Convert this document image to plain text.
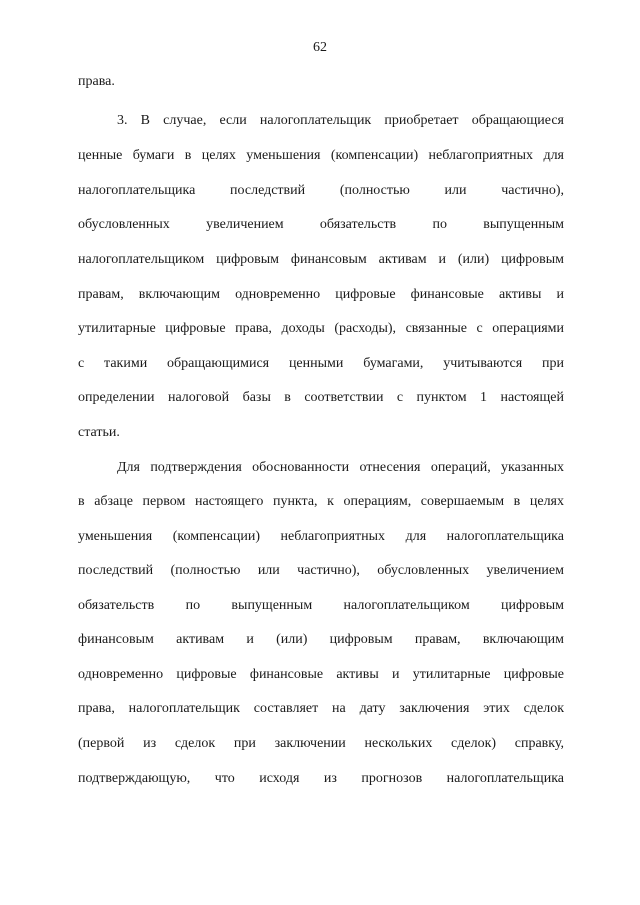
62
права.
3. В случае, если налогоплательщик приобретает обращающиеся
ценные бумаги в целях уменьшения (компенсации) неблагоприятных для
налогоплательщика последствий (полностью или частично),
обусловленных увеличением обязательств по выпущенным
налогоплательщиком цифровым финансовым активам и (или) цифровым
правам, включающим одновременно цифровые финансовые активы и
утилитарные цифровые права, доходы (расходы), связанные с операциями
с такими обращающимися ценными бумагами, учитываются при
определении налоговой базы в соответствии с пунктом 1 настоящей
статьи.
Для подтверждения обоснованности отнесения операций, указанных
в абзаце первом настоящего пункта, к операциям, совершаемым в целях
уменьшения (компенсации) неблагоприятных для налогоплательщика
последствий (полностью или частично), обусловленных увеличением
обязательств по выпущенным налогоплательщиком цифровым
финансовым активам и (или) цифровым правам, включающим
одновременно цифровые финансовые активы и утилитарные цифровые
права, налогоплательщик составляет на дату заключения этих сделок
(первой из сделок при заключении нескольких сделок) справку,
подтверждающую, что исходя из прогнозов налогоплательщика
